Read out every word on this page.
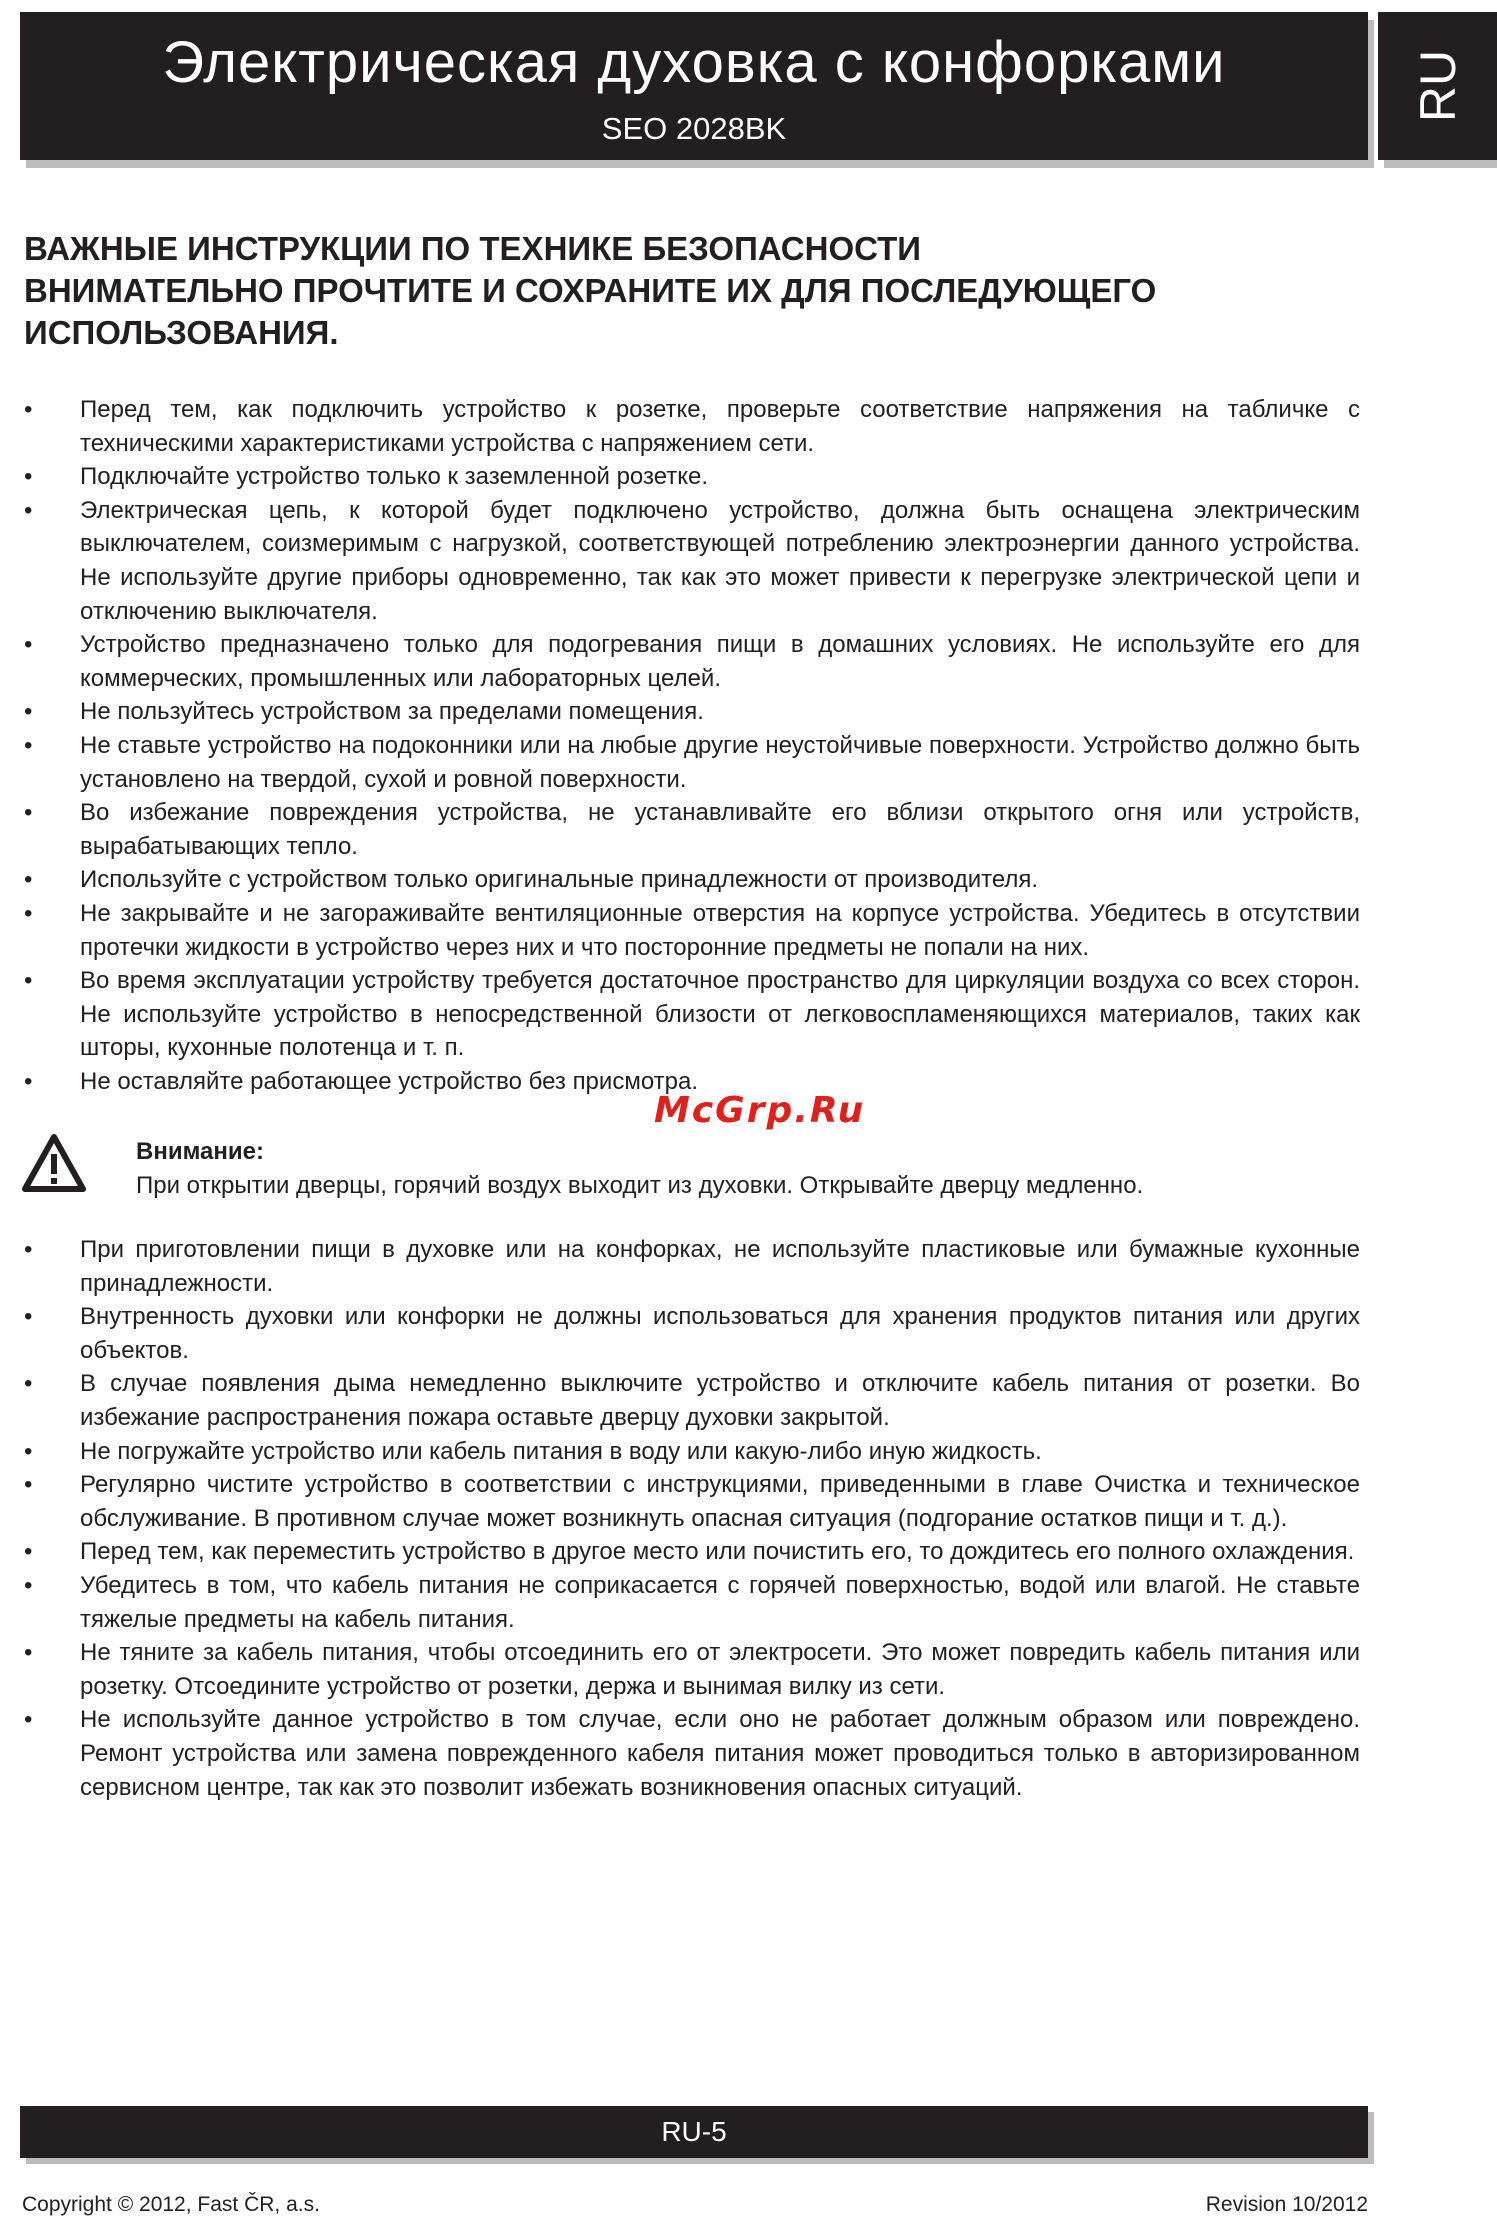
Электрическая духовка с конфорками
SEO 2028BK
RU
ВАЖНЫЕ ИНСТРУКЦИИ ПО ТЕХНИКЕ БЕЗОПАСНОСТИ
ВНИМАТЕЛЬНО ПРОЧТИТЕ И СОХРАНИТЕ ИХ ДЛЯ ПОСЛЕДУЮЩЕГО
ИСПОЛЬЗОВАНИЯ.
• Перед тем, как подключить устройство к розетке, проверьте соответствие напряжения на табличке с техническими характеристиками устройства с напряжением сети.
• Подключайте устройство только к заземленной розетке.
• Электрическая цепь, к которой будет подключено устройство, должна быть оснащена электрическим выключателем, соизмеримым с нагрузкой, соответствующей потреблению электроэнергии данного устройства. Не используйте другие приборы одновременно, так как это может привести к перегрузке электрической цепи и отключению выключателя.
• Устройство предназначено только для подогревания пищи в домашних условиях. Не используйте его для коммерческих, промышленных или лабораторных целей.
• Не пользуйтесь устройством за пределами помещения.
• Не ставьте устройство на подоконники или на любые другие неустойчивые поверхности. Устройство должно быть установлено на твердой, сухой и ровной поверхности.
• Во избежание повреждения устройства, не устанавливайте его вблизи открытого огня или устройств, вырабатывающих тепло.
• Используйте с устройством только оригинальные принадлежности от производителя.
• Не закрывайте и не загораживайте вентиляционные отверстия на корпусе устройства. Убедитесь в отсутствии протечки жидкости в устройство через них и что посторонние предметы не попали на них.
• Во время эксплуатации устройству требуется достаточное пространство для циркуляции воздуха со всех сторон. Не используйте устройство в непосредственной близости от легковоспламеняющихся материалов, таких как шторы, кухонные полотенца и т. п.
• Не оставляйте работающее устройство без присмотра.
McGrp.Ru
Внимание:
При открытии дверцы, горячий воздух выходит из духовки. Открывайте дверцу медленно.
• При приготовлении пищи в духовке или на конфорках, не используйте пластиковые или бумажные кухонные принадлежности.
• Внутренность духовки или конфорки не должны использоваться для хранения продуктов питания или других объектов.
• В случае появления дыма немедленно выключите устройство и отключите кабель питания от розетки. Во избежание распространения пожара оставьте дверцу духовки закрытой.
• Не погружайте устройство или кабель питания в воду или какую-либо иную жидкость.
• Регулярно чистите устройство в соответствии с инструкциями, приведенными в главе Очистка и техническое обслуживание. В противном случае может возникнуть опасная ситуация (подгорание остатков пищи и т. д.).
• Перед тем, как переместить устройство в другое место или почистить его, то дождитесь его полного охлаждения.
• Убедитесь в том, что кабель питания не соприкасается с горячей поверхностью, водой или влагой. Не ставьте тяжелые предметы на кабель питания.
• Не тяните за кабель питания, чтобы отсоединить его от электросети. Это может повредить кабель питания или розетку. Отсоедините устройство от розетки, держа и вынимая вилку из сети.
• Не используйте данное устройство в том случае, если оно не работает должным образом или повреждено. Ремонт устройства или замена поврежденного кабеля питания может проводиться только в авторизированном сервисном центре, так как это позволит избежать возникновения опасных ситуаций.
RU-5
Copyright © 2012, Fast ČR, a.s.	Revision 10/2012
